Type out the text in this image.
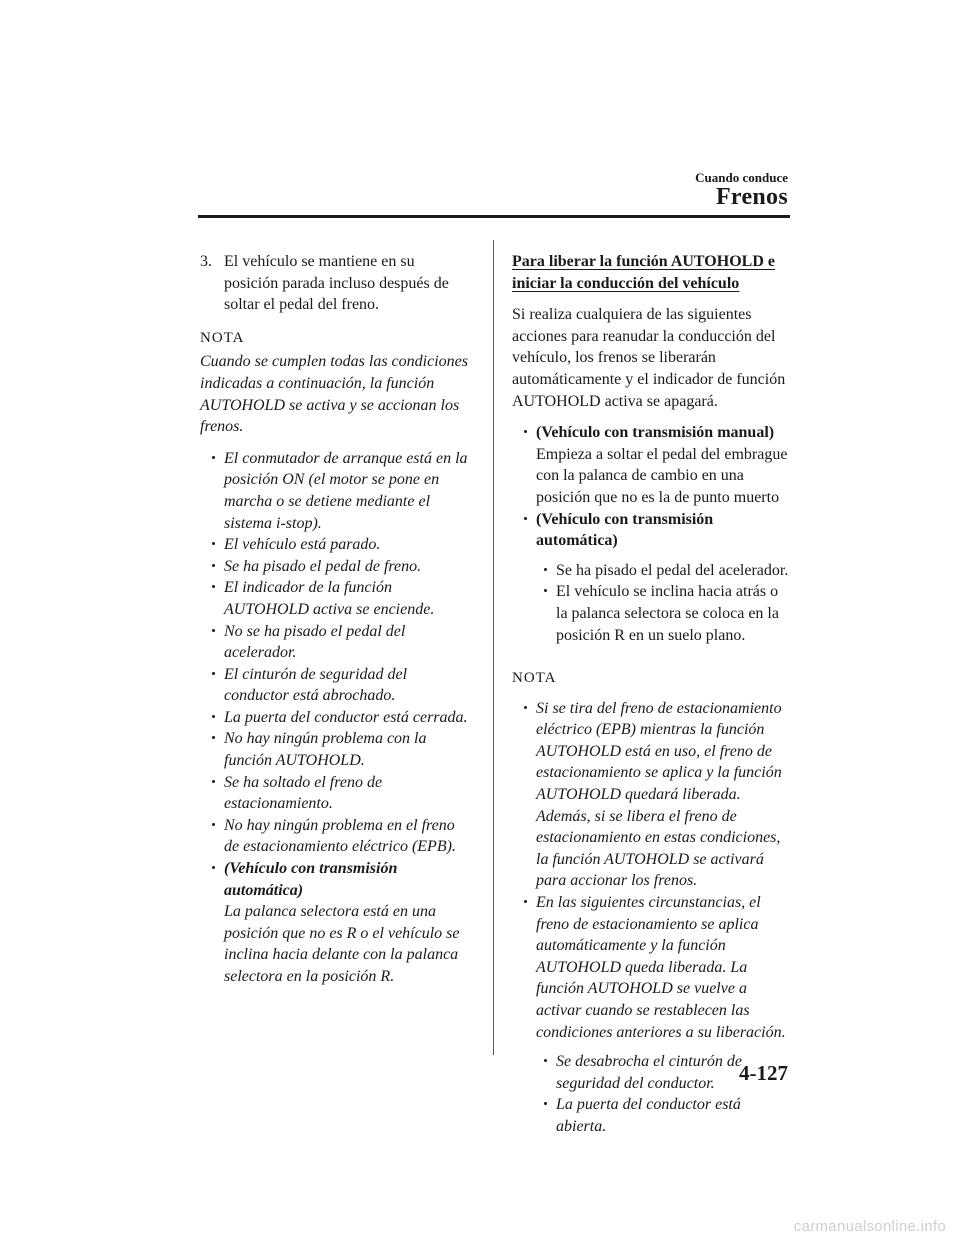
Cuando conduce
Frenos
3. El vehículo se mantiene en su posición parada incluso después de soltar el pedal del freno.

NOTA

Cuando se cumplen todas las condiciones indicadas a continuación, la función AUTOHOLD se activa y se accionan los frenos.

El conmutador de arranque está en la posición ON (el motor se pone en marcha o se detiene mediante el sistema i-stop).
El vehículo está parado.
Se ha pisado el pedal de freno.
El indicador de la función AUTOHOLD activa se enciende.
No se ha pisado el pedal del acelerador.
El cinturón de seguridad del conductor está abrochado.
La puerta del conductor está cerrada.
No hay ningún problema con la función AUTOHOLD.
Se ha soltado el freno de estacionamiento.
No hay ningún problema en el freno de estacionamiento eléctrico (EPB).
(Vehículo con transmisión automática)
La palanca selectora está en una posición que no es R o el vehículo se inclina hacia delante con la palanca selectora en la posición R.

Para liberar la función AUTOHOLD e iniciar la conducción del vehículo

Si realiza cualquiera de las siguientes acciones para reanudar la conducción del vehículo, los frenos se liberarán automáticamente y el indicador de función AUTOHOLD activa se apagará.

(Vehículo con transmisión manual)
Empieza a soltar el pedal del embrague con la palanca de cambio en una posición que no es la de punto muerto
(Vehículo con transmisión automática)
Se ha pisado el pedal del acelerador.
El vehículo se inclina hacia atrás o la palanca selectora se coloca en la posición R en un suelo plano.

NOTA

Si se tira del freno de estacionamiento eléctrico (EPB) mientras la función AUTOHOLD está en uso, el freno de estacionamiento se aplica y la función AUTOHOLD quedará liberada. Además, si se libera el freno de estacionamiento en estas condiciones, la función AUTOHOLD se activará para accionar los frenos.
En las siguientes circunstancias, el freno de estacionamiento se aplica automáticamente y la función AUTOHOLD queda liberada. La función AUTOHOLD se vuelve a activar cuando se restablecen las condiciones anteriores a su liberación.
Se desabrocha el cinturón de seguridad del conductor.
La puerta del conductor está abierta.
4-127
carmanualsonline.info
